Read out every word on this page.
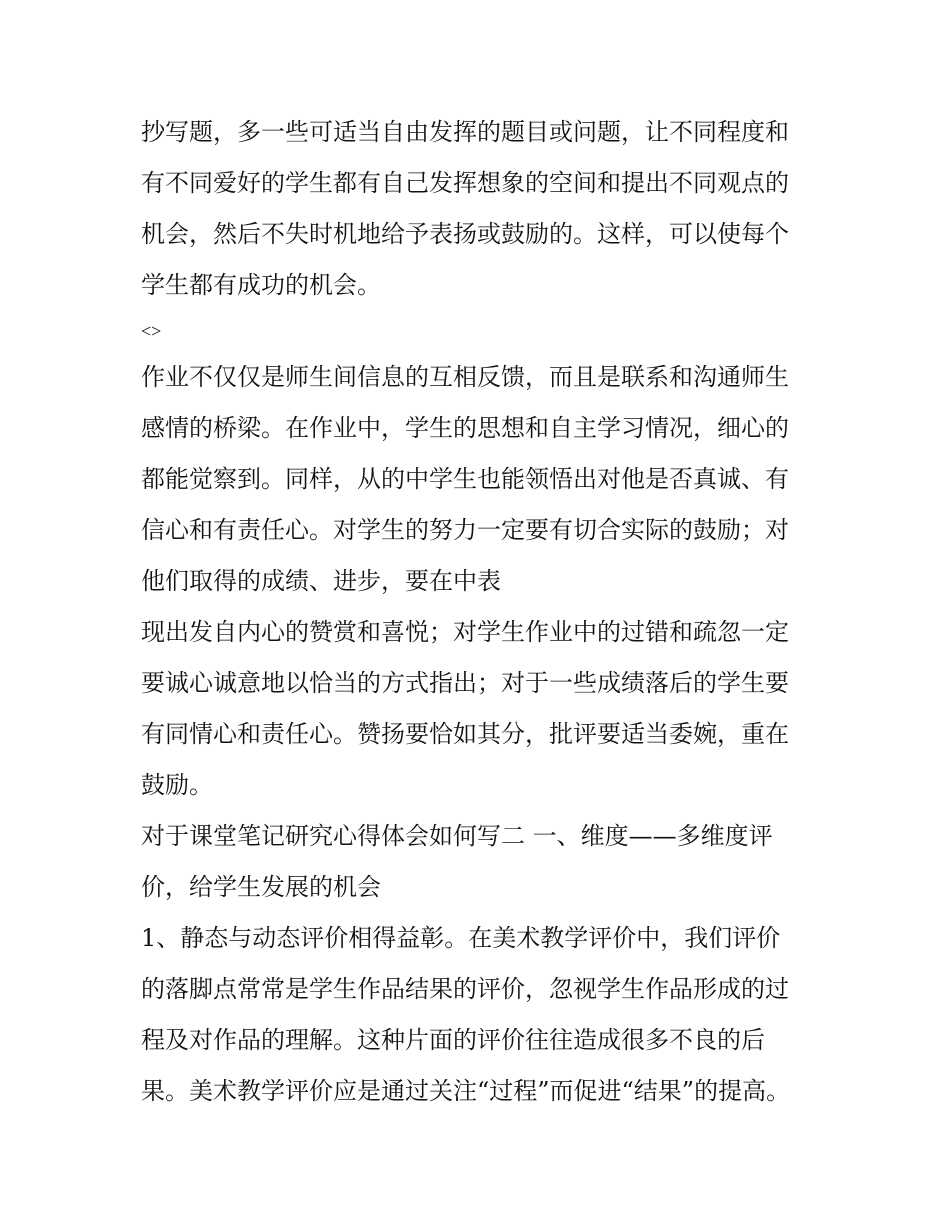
抄写题，多一些可适当自由发挥的题目或问题，让不同程度和
有不同爱好的学生都有自己发挥想象的空间和提出不同观点的
机会，然后不失时机地给予表扬或鼓励的。这样，可以使每个
学生都有成功的机会。
<>
作业不仅仅是师生间信息的互相反馈，而且是联系和沟通师生
感情的桥梁。在作业中，学生的思想和自主学习情况，细心的
都能觉察到。同样，从的中学生也能领悟出对他是否真诚、有
信心和有责任心。对学生的努力一定要有切合实际的鼓励；对
他们取得的成绩、进步，要在中表
现出发自内心的赞赏和喜悦；对学生作业中的过错和疏忽一定
要诚心诚意地以恰当的方式指出；对于一些成绩落后的学生要
有同情心和责任心。赞扬要恰如其分，批评要适当委婉，重在
鼓励。
对于课堂笔记研究心得体会如何写二 一、维度——多维度评
价，给学生发展的机会
1、静态与动态评价相得益彰。在美术教学评价中，我们评价
的落脚点常常是学生作品结果的评价，忽视学生作品形成的过
程及对作品的理解。这种片面的评价往往造成很多不良的后
果。美术教学评价应是通过关注“过程”而促进“结果”的提高。
